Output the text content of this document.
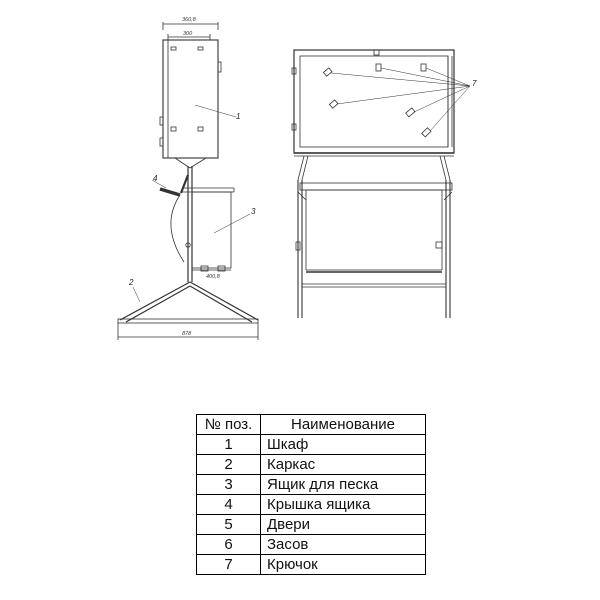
360,8
300
400,8
878
1
2
3
4
7
№ поз.	Наименование
1	Шкаф
2	Каркас
3	Ящик для песка
4	Крышка ящика
5	Двери
6	Засов
7	Крючок
